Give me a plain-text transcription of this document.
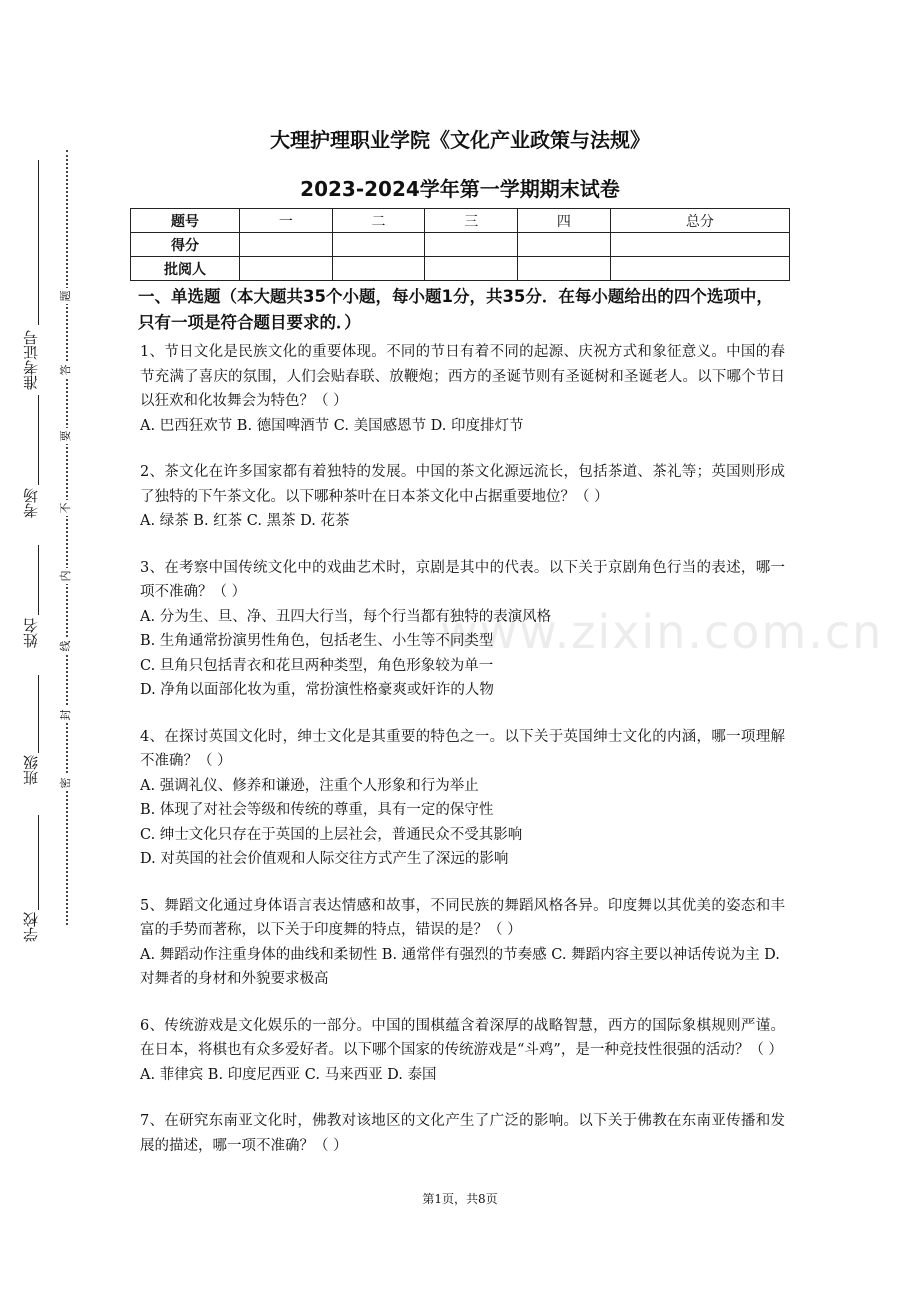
准考证号
考场
姓名
班级
学校
题
答
要
不
内
线
封
密
www.zixin.com.cn
大理护理职业学院《文化产业政策与法规》
2023-2024学年第一学期期末试卷
题号	一	二	三	四	总分
得分					
批阅人					
一、单选题（本大题共35个小题，每小题1分，共35分．在每小题给出的四个选项中，只有一项是符合题目要求的．）

1、节日文化是民族文化的重要体现。不同的节日有着不同的起源、庆祝方式和象征意义。中国的春节充满了喜庆的氛围，人们会贴春联、放鞭炮；西方的圣诞节则有圣诞树和圣诞老人。以下哪个节日以狂欢和化妆舞会为特色？（ ）

A. 巴西狂欢节 B. 德国啤酒节 C. 美国感恩节 D. 印度排灯节

2、茶文化在许多国家都有着独特的发展。中国的茶文化源远流长，包括茶道、茶礼等；英国则形成了独特的下午茶文化。以下哪种茶叶在日本茶文化中占据重要地位？（ ）

A. 绿茶 B. 红茶 C. 黑茶 D. 花茶

3、在考察中国传统文化中的戏曲艺术时，京剧是其中的代表。以下关于京剧角色行当的表述，哪一项不准确？（ ）

A. 分为生、旦、净、丑四大行当，每个行当都有独特的表演风格

B. 生角通常扮演男性角色，包括老生、小生等不同类型

C. 旦角只包括青衣和花旦两种类型，角色形象较为单一

D. 净角以面部化妆为重，常扮演性格豪爽或奸诈的人物

4、在探讨英国文化时，绅士文化是其重要的特色之一。以下关于英国绅士文化的内涵，哪一项理解不准确？（ ）

A. 强调礼仪、修养和谦逊，注重个人形象和行为举止

B. 体现了对社会等级和传统的尊重，具有一定的保守性

C. 绅士文化只存在于英国的上层社会，普通民众不受其影响

D. 对英国的社会价值观和人际交往方式产生了深远的影响

5、舞蹈文化通过身体语言表达情感和故事，不同民族的舞蹈风格各异。印度舞以其优美的姿态和丰富的手势而著称，以下关于印度舞的特点，错误的是？（ ）

A. 舞蹈动作注重身体的曲线和柔韧性 B. 通常伴有强烈的节奏感 C. 舞蹈内容主要以神话传说为主 D. 对舞者的身材和外貌要求极高

6、传统游戏是文化娱乐的一部分。中国的围棋蕴含着深厚的战略智慧，西方的国际象棋规则严谨。在日本，将棋也有众多爱好者。以下哪个国家的传统游戏是“斗鸡”，是一种竞技性很强的活动？（ ）

A. 菲律宾 B. 印度尼西亚 C. 马来西亚 D. 泰国

7、在研究东南亚文化时，佛教对该地区的文化产生了广泛的影响。以下关于佛教在东南亚传播和发展的描述，哪一项不准确？（ ）

第1页，共8页
